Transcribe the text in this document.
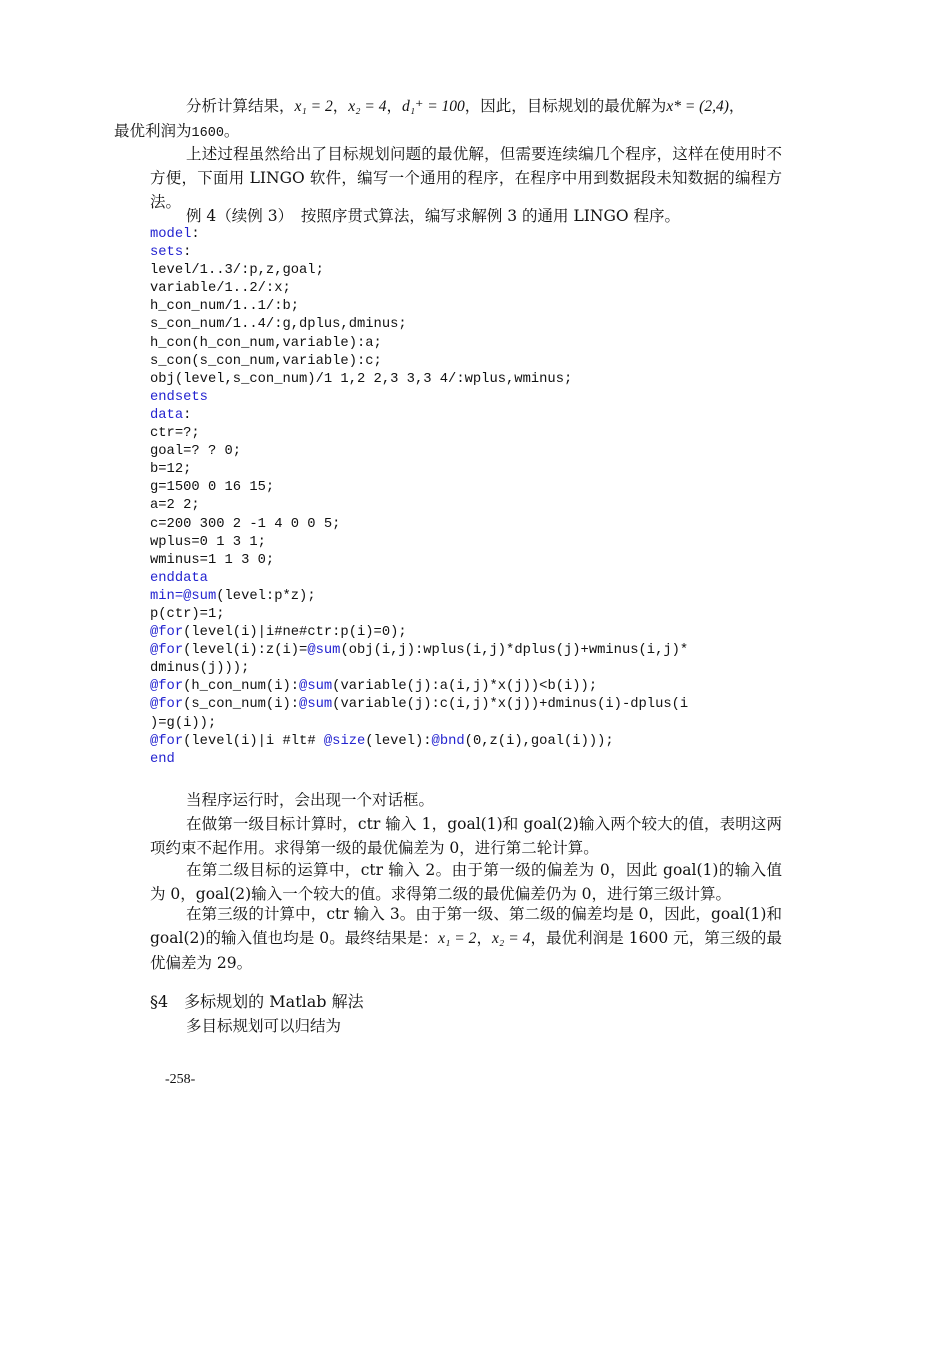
分析计算结果，x₁ = 2，x₂ = 4，d₁⁺ = 100，因此，目标规划的最优解为x* = (2,4)，
最优利润为1600。

上述过程虽然给出了目标规划问题的最优解，但需要连续编几个程序，这样在使用时不方便，下面用 LINGO 软件，编写一个通用的程序，在程序中用到数据段未知数据的编程方法。

例 4（续例 3）　按照序贯式算法，编写求解例 3 的通用 LINGO 程序。

model:
sets:
level/1..3/:p,z,goal;
variable/1..2/:x;
h_con_num/1..1/:b;
s_con_num/1..4/:g,dplus,dminus;
h_con(h_con_num,variable):a;
s_con(s_con_num,variable):c;
obj(level,s_con_num)/1 1,2 2,3 3,3 4/:wplus,wminus;
endsets
data:
ctr=?;
goal=? ? 0;
b=12;
g=1500 0 16 15;
a=2 2;
c=200 300 2 -1 4 0 0 5;
wplus=0 1 3 1;
wminus=1 1 3 0;
enddata
min=@sum(level:p*z);
p(ctr)=1;
@for(level(i)|i#ne#ctr:p(i)=0);
@for(level(i):z(i)=@sum(obj(i,j):wplus(i,j)*dplus(j)+wminus(i,j)*
dminus(j)));
@for(h_con_num(i):@sum(variable(j):a(i,j)*x(j))<b(i));
@for(s_con_num(i):@sum(variable(j):c(i,j)*x(j))+dminus(i)-dplus(i
)=g(i));
@for(level(i)|i #lt# @size(level):@bnd(0,z(i),goal(i)));
end

当程序运行时，会出现一个对话框。

在做第一级目标计算时，ctr 输入 1，goal(1)和 goal(2)输入两个较大的值，表明这两项约束不起作用。求得第一级的最优偏差为 0，进行第二轮计算。

在第二级目标的运算中，ctr 输入 2。由于第一级的偏差为 0，因此 goal(1)的输入值为 0，goal(2)输入一个较大的值。求得第二级的最优偏差仍为 0，进行第三级计算。

在第三级的计算中，ctr 输入 3。由于第一级、第二级的偏差均是 0，因此，goal(1)和 goal(2)的输入值也均是 0。最终结果是：x₁ = 2，x₂ = 4，最优利润是 1600 元，第三级的最优偏差为 29。

§4　多标规划的 Matlab 解法
多目标规划可以归结为
-258-
